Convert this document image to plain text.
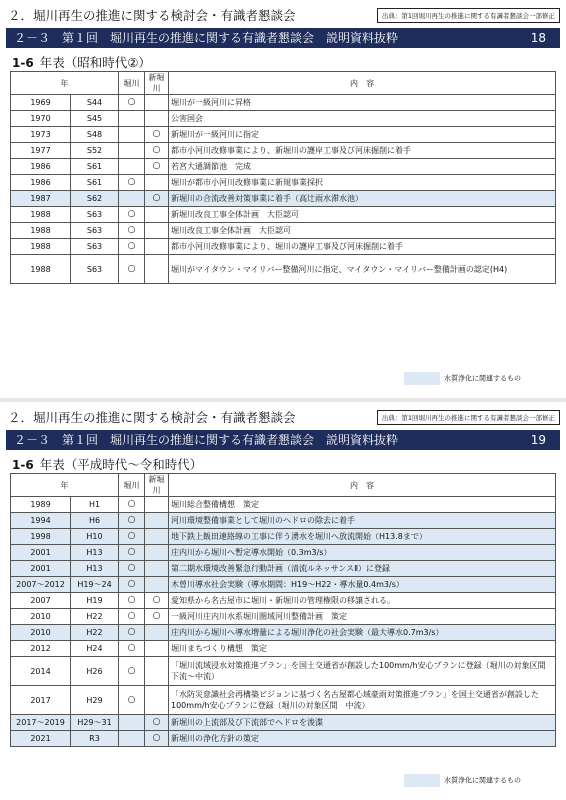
２．堀川再生の推進に関する検討会・有識者懇談会	出典：第1回堀川再生の推進に関する有識者懇談会一部修正
２－３　第１回　堀川再生の推進に関する有識者懇談会　説明資料抜粋	18
1-6 年表（昭和時代②）
年		堀川	新堀川	内　容
1969	S44	○		堀川が一級河川に昇格
1970	S45			公害国会
1973	S48		○	新堀川が一級河川に指定
1977	S52		○	都市小河川改修事業により、新堀川の護岸工事及び河床掘削に着手
1986	S61		○	若宮大通調節池　完成
1986	S61	○		堀川が都市小河川改修事業に新規事業採択
1987	S62		○	新堀川の合流改善対策事業に着手（高辻雨水滞水池）
1988	S63	○		新堀川改良工事全体計画　大臣認可
1988	S63	○		堀川改良工事全体計画　大臣認可
1988	S63	○		都市小河川改修事業により、堀川の護岸工事及び河床掘削に着手
1988	S63	○		堀川がマイタウン・マイリバー整備河川に指定、マイタウン・マイリバー整備計画の認定(H4)
水質浄化に関連するもの
２．堀川再生の推進に関する検討会・有識者懇談会	出典：第1回堀川再生の推進に関する有識者懇談会一部修正
２－３　第１回　堀川再生の推進に関する有識者懇談会　説明資料抜粋	19
1-6 年表（平成時代～令和時代）
年		堀川	新堀川	内　容
1989	H1	○		堀川総合整備構想　策定
1994	H6	○		河川環境整備事業として堀川のヘドロの除去に着手
1998	H10	○		地下鉄上飯田連絡線の工事に伴う湧水を堀川へ放流開始（H13.8まで）
2001	H13	○		庄内川から堀川へ暫定導水開始（0.3m3/s）
2001	H13	○		第二期水環境改善緊急行動計画（清流ルネッサンスⅡ）に登録
2007～2012	H19～24	○		木曽川導水社会実験（導水期間：H19～H22・導水量0.4m3/s）
2007	H19	○	○	愛知県から名古屋市に堀川・新堀川の管理権限の移譲される。
2010	H22	○	○	一級河川庄内川水系堀川圏域河川整備計画　策定
2010	H22	○		庄内川から堀川へ導水増量による堀川浄化の社会実験（最大導水0.7m3/s）
2012	H24	○		堀川まちづくり構想　策定
2014	H26	○		「堀川流域浸水対策推進プラン」を国土交通省が創設した100mm/h安心プランに登録（堀川の対象区間　下流～中流）
2017	H29	○		「水防災意識社会再構築ビジョンに基づく名古屋都心域豪雨対策推進プラン」を国土交通省が創設した100mm/h安心プランに登録（堀川の対象区間　中流）
2017～2019	H29～31		○	新堀川の上流部及び下流部でヘドロを浚渫
2021	R3		○	新堀川の浄化方針の策定
水質浄化に関連するもの
